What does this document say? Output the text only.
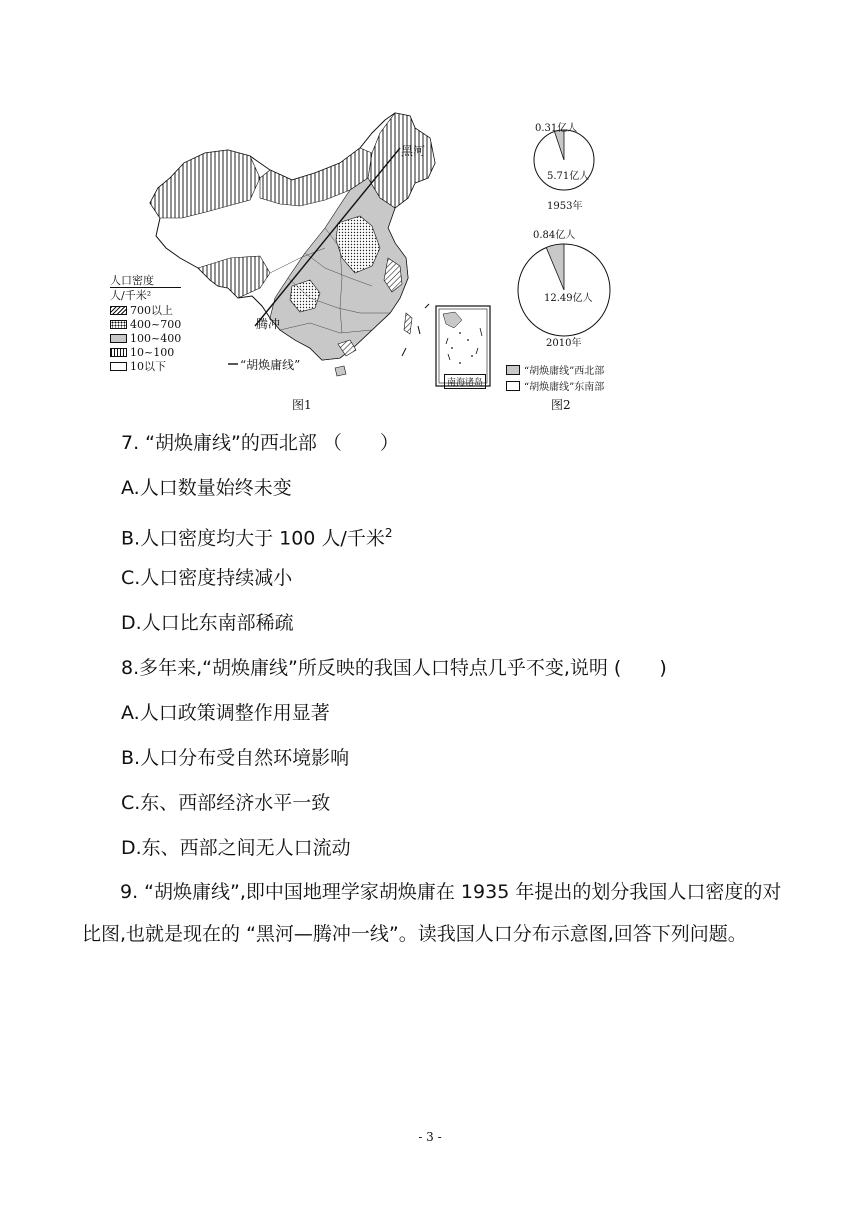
黑河
腾冲
“胡焕庸线”
南海诸岛
人口密度
人/千米²
700以上
400~700
100~400
10~100
10以下
图1
0.31亿人
5.71亿人
1953年
0.84亿人
12.49亿人
2010年
“胡焕庸线”西北部
“胡焕庸线”东南部
图2
7. “胡焕庸线”的西北部 （　　）
A.人口数量始终未变
B.人口密度均大于 100 人/千米$^2$
C.人口密度持续减小
D.人口比东南部稀疏
8.多年来,“胡焕庸线”所反映的我国人口特点几乎不变,说明 (　　)
A.人口政策调整作用显著
B.人口分布受自然环境影响
C.东、西部经济水平一致
D.东、西部之间无人口流动
9. “胡焕庸线”,即中国地理学家胡焕庸在 1935 年提出的划分我国人口密度的对比图,也就是现在的 “黑河—腾冲一线”。读我国人口分布示意图,回答下列问题。
- 3 -
